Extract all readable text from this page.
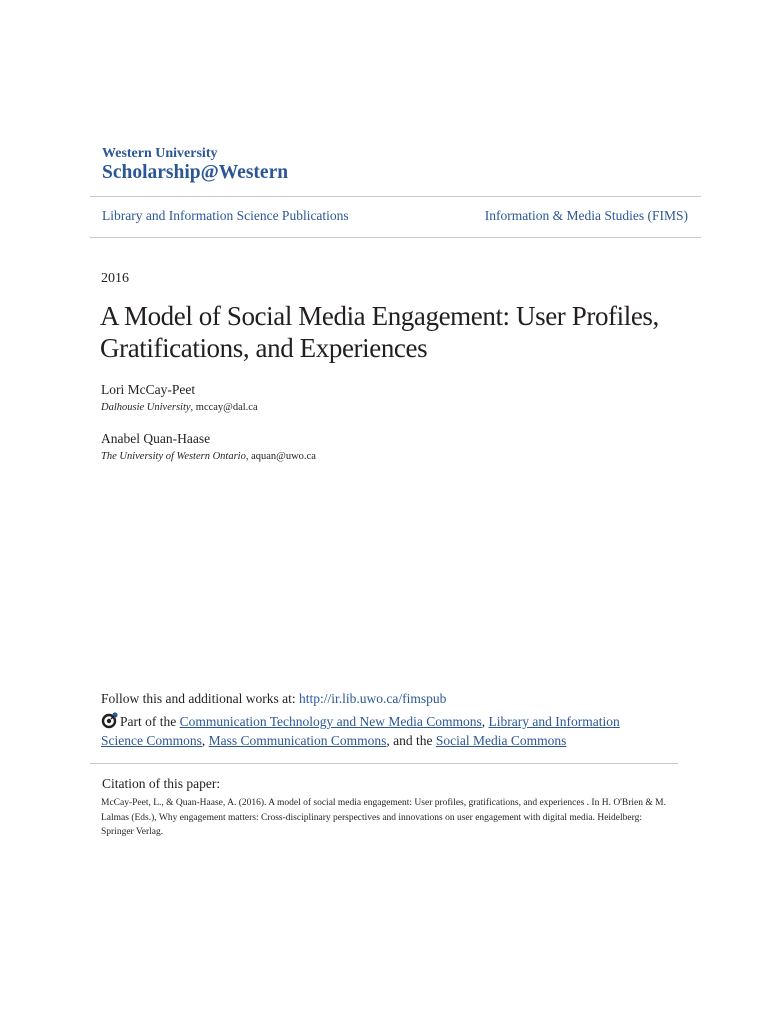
Western University
Scholarship@Western
Library and Information Science Publications	Information & Media Studies (FIMS)
2016
A Model of Social Media Engagement: User Profiles, Gratifications, and Experiences
Lori McCay-Peet
Dalhousie University, mccay@dal.ca
Anabel Quan-Haase
The University of Western Ontario, aquan@uwo.ca
Follow this and additional works at: http://ir.lib.uwo.ca/fimspub
Part of the Communication Technology and New Media Commons, Library and Information Science Commons, Mass Communication Commons, and the Social Media Commons
Citation of this paper:
McCay-Peet, L., & Quan-Haase, A. (2016). A model of social media engagement: User profiles, gratifications, and experiences . In H. O'Brien & M. Lalmas (Eds.), Why engagement matters: Cross-disciplinary perspectives and innovations on user engagement with digital media. Heidelberg: Springer Verlag.
